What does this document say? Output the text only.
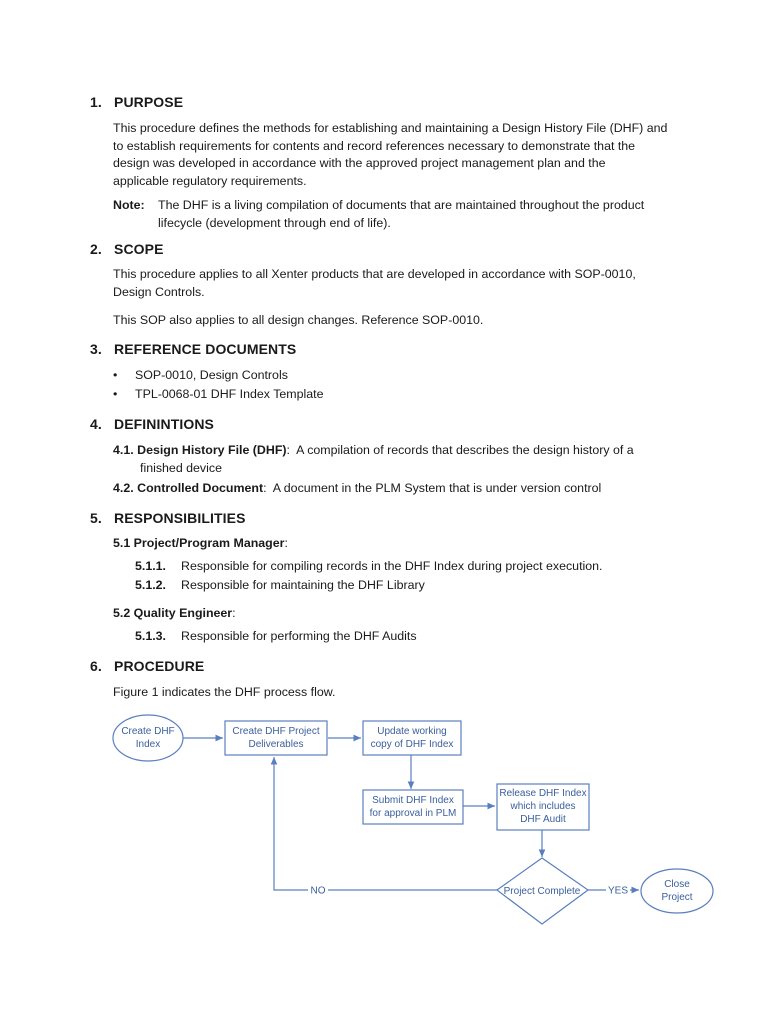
1. PURPOSE
This procedure defines the methods for establishing and maintaining a Design History File (DHF) and
to establish requirements for contents and record references necessary to demonstrate that the
design was developed in accordance with the approved project management plan and the
applicable regulatory requirements.
Note: The DHF is a living compilation of documents that are maintained throughout the product
lifecycle (development through end of life).
2. SCOPE
This procedure applies to all Xenter products that are developed in accordance with SOP-0010,
Design Controls.
This SOP also applies to all design changes. Reference SOP-0010.
3. REFERENCE DOCUMENTS
• SOP-0010, Design Controls
• TPL-0068-01 DHF Index Template
4. DEFININTIONS
4.1. Design History File (DHF):  A compilation of records that describes the design history of a
finished device
4.2. Controlled Document:  A document in the PLM System that is under version control
5. RESPONSIBILITIES
5.1 Project/Program Manager:
5.1.1. Responsible for compiling records in the DHF Index during project execution.
5.1.2. Responsible for maintaining the DHF Library
5.2 Quality Engineer:
5.1.3. Responsible for performing the DHF Audits
6. PROCEDURE
Figure 1 indicates the DHF process flow.
NO	YES
Create DHF
Index
Create DHF Project
Deliverables
Update working
copy of DHF Index
Submit DHF Index
for approval in PLM
Release DHF Index
which includes
DHF Audit
Project Complete
Close
Project
